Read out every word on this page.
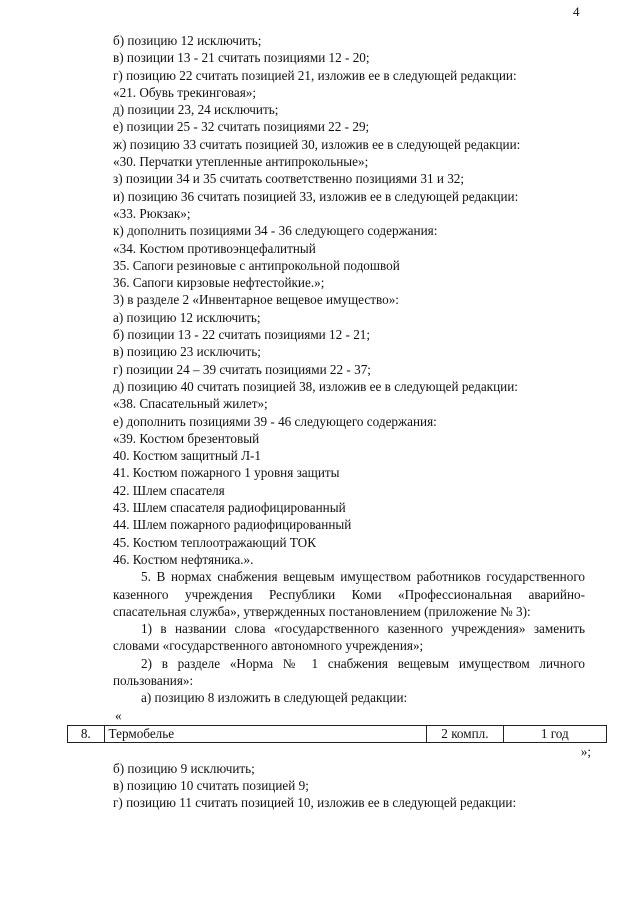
4
б) позицию 12 исключить;
в) позиции 13 - 21 считать позициями 12 - 20;
г) позицию 22 считать позицией 21, изложив ее в следующей редакции:
«21. Обувь трекинговая»;
д) позиции 23, 24 исключить;
е) позиции 25 - 32 считать позициями 22 - 29;
ж) позицию 33 считать позицией 30, изложив ее в следующей редакции:
«30. Перчатки утепленные антипрокольные»;
з) позиции 34 и 35 считать соответственно позициями 31 и 32;
и) позицию 36 считать позицией 33, изложив ее в следующей редакции:
«33. Рюкзак»;
к) дополнить позициями 34 - 36 следующего содержания:
«34. Костюм противоэнцефалитный
35. Сапоги резиновые с антипрокольной подошвой
36. Сапоги кирзовые нефтестойкие.»;
3) в разделе 2 «Инвентарное вещевое имущество»:
а) позицию 12 исключить;
б) позиции 13 - 22 считать позициями 12 - 21;
в) позицию 23 исключить;
г) позиции 24 – 39 считать позициями 22 - 37;
д) позицию 40 считать позицией 38, изложив ее в следующей редакции:
«38. Спасательный жилет»;
е) дополнить позициями 39 - 46 следующего содержания:
«39. Костюм брезентовый
40. Костюм защитный Л-1
41. Костюм пожарного 1 уровня защиты
42. Шлем спасателя
43. Шлем спасателя радиофицированный
44. Шлем пожарного радиофицированный
45. Костюм теплоотражающий ТОК
46. Костюм нефтяника.».
5. В нормах снабжения вещевым имуществом работников государственного казенного учреждения Республики Коми «Профессиональная аварийно-спасательная служба», утвержденных постановлением (приложение № 3):
1) в названии слова «государственного казенного учреждения» заменить словами «государственного автономного учреждения»;
2) в разделе «Норма № 1 снабжения вещевым имуществом личного пользования»:
а) позицию 8 изложить в следующей редакции:
«
8.	Термобелье	2 компл.	1 год
»;
б) позицию 9 исключить;
в) позицию 10 считать позицией 9;
г) позицию 11 считать позицией 10, изложив ее в следующей редакции:
